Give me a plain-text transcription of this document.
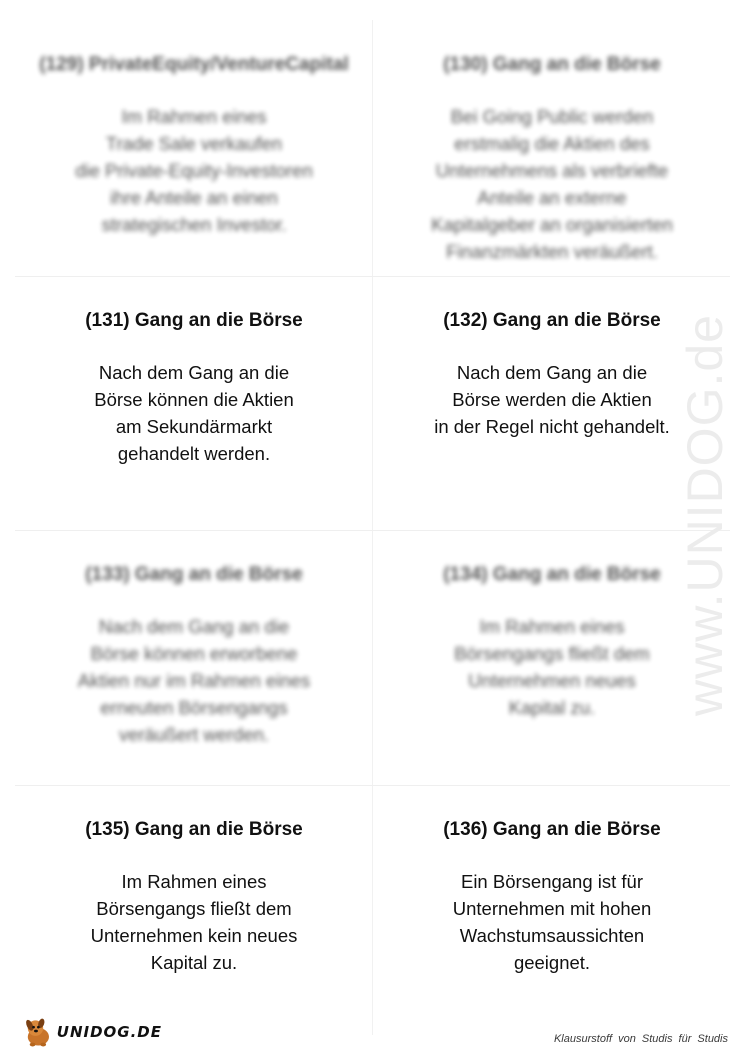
www.UNIDOG.de
(129) PrivateEquity/VentureCapital
Im Rahmen eines
Trade Sale verkaufen
die Private-Equity-Investoren
ihre Anteile an einen
strategischen Investor.
(130) Gang an die Börse
Bei Going Public werden
erstmalig die Aktien des
Unternehmens als verbriefte
Anteile an externe
Kapitalgeber an organisierten
Finanzmärkten veräußert.
(131) Gang an die Börse
Nach dem Gang an die
Börse können die Aktien
am Sekundärmarkt
gehandelt werden.
(132) Gang an die Börse
Nach dem Gang an die
Börse werden die Aktien
in der Regel nicht gehandelt.
(133) Gang an die Börse
Nach dem Gang an die
Börse können erworbene
Aktien nur im Rahmen eines
erneuten Börsengangs
veräußert werden.
(134) Gang an die Börse
Im Rahmen eines
Börsengangs fließt dem
Unternehmen neues
Kapital zu.
(135) Gang an die Börse
Im Rahmen eines
Börsengangs fließt dem
Unternehmen kein neues
Kapital zu.
(136) Gang an die Börse
Ein Börsengang ist für
Unternehmen mit hohen
Wachstumsaussichten
geeignet.
UNIDOG.DE	Klausurstoff von Studis für Studis
